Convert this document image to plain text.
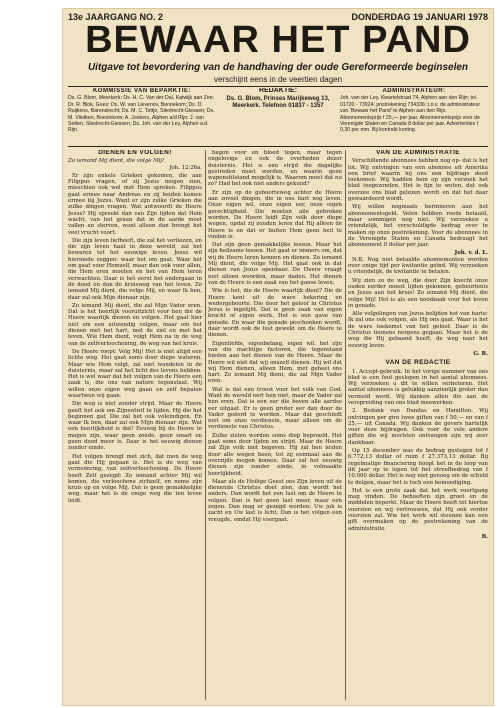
13e JAARGANG NO. 2	DONDERDAG 19 JANUARI 1978
BEWAAR HET PAND
Uitgave tot bevordering van de handhaving der oude Gereformeerde beginselen
verschijnt eens in de veertien dagen
KOMMISSIE VAN BEPARKTIE:

Ds. G. Blom, Meerkerk; Ds. H. C. Van der Dal, Katwijk aan Zee; Dr. R. Blok, Goes; Ds. W. van Lievenov, Bennekom; Ds. D. Ruijkens, Barendrecht; Ds. M. C. Tettje, Sliedrecht-Giessen; Ds. M. Vlietken, Boezinkom; A. Jonkers, Alphen a/d Rijn; J. van Setten, Sliedrecht-Giessen; Ds. Joh. van der Ley, Alphen a.d. Rijn.

REDAKTIE:

Ds. G. Blom, Prinses Marijkeweg 13,

Meerkerk. Telefoon 01837 - 1357

ADMINISTRATEUR:

Joh. van der Ley, Kwartelstraat 74, Alphen aan den Rijn; tel. 01720 - 73924; postrekening 734336; t.n.v. de administrateur van ‘Bewaar het Pand’ te Alphen aan den Rijn. Abonnementsprijs f 25,— per jaar. Abonnementsprijs voor de Verenigde Staten en Canada 8 dollar per jaar. Advertenties f 0,30 per mm. Bij kontrakt korting.

DIENEN EN VOLGEN!
Zo iemand Mij dient, die volge Mij!

Joh. 12:26a.

Er zijn enkele Grieken gekomen, die aan Filippus vragen, of zij Jezus mogen zien, misschien ook wel met Hem spreken. Filippus gaat ermee naar Andreas en zij beiden komen ermee bij Jezus. Want er zijn zulke Grieken die zulke dingen vragen. Wat antwoordt de Heere Jezus? Hij spreekt dan van Zijn lijden dat Hem wacht, van het graan dat in de aarde moet vallen en sterven, want alleen dan brengt het veel vrucht voort.

Die zijn leven liefheeft, die zal het verliezen, en die zijn leven haat in deze wereld, zal het bewaren tot het eeuwige leven. Jezus wil hiermede zeggen: waar het om gaat. Waar het om gaat voor Hemzelf, maar dan ook voor allen, die Hem eren moeten en het van Hem leren verwachten. Daar is het eerst het ondergaan in de dood en dan de kruisweg van het leven. Zo iemand Mij dient, die volge Mij, en waar Ik ben, daar zal ook Mijn dienaar zijn.

Zo iemand Mij dient, die zal Mijn Vader eren. Dat is het heerlijk vooruitzicht voor hen die de Heere waarlijk dienen en volgen. Het gaat hier niet om een uitwendig volgen, maar om het dienen met het hart, met de ziel en met het leven. Wie Hem dient, volgt Hem na in de weg van de zelfverloochening, de weg van het kruis.

De Heere roept: Volg Mij! Het is niet altijd een lichte weg. Het gaat soms door diepe wateren. Maar wie Hem volgt, zal niet wandelen in de duisternis, maar zal het licht des levens hebben. Het is wel waar dat het volgen van de Heere een zaak is, die ons van nature tegenstaat. Wij willen onze eigen weg gaan en zelf bepalen waarheen wij gaan.

Die weg is niet zonder strijd. Maar de Heere geeft het ook om Zijnentwil te lijden. Hij die het beginnen gaf, Die zal het ook voleindigen. En waar Ik ben, daar zal ook Mijn dienaar zijn. Wat een heerlijkheid is dat! Eeuwig bij de Heere te mogen zijn, waar geen zonde, geen smart en geen dood meer is. Daar is het eeuwig dienen zonder einde.

Het volgen brengt met zich, dat men de weg gaat die Hij gegaan is. Het is de weg van vernedering, van zelfverloochening. De Heere heeft Zelf gezegd: Zo iemand achter Mij wil komen, die verloochene zichzelf, en neme zijn kruis op en volge Mij. Dat is geen gemakkelijke weg, maar het is de enige weg die ten leven leidt.

begon voor en bloed tegen, maar tegen ongelovige en ook de overheden dezer duisternis. Het is een strijd die dagelijks gestreden moet worden, en waarin geen wapenstilstand mogelijk is. Waarom moet dat nu zo? Had het ook niet anders gekund?

Er zijn op de geboorteweg achter de Heere aan zoveel dingen, die in ons hart nog leven. Onze eigen wil, onze eigen eer, onze eigen gerechtigheid. Die moeten alle gebroken worden. De Heere leidt Zijn volk door diepe wegen, opdat zij zouden leren dat Hij alleen de Heere is en dat er buiten Hem geen heil te vinden is.

Dat zijn geen gemakkelijke lessen. Maar het zijn heilzame lessen. Het gaat er immers om, dat wij de Heere leren kennen en dienen. Zo iemand Mij dient, die volge Mij. Het gaat ook in dat dienen van Jezus openbaar. De Heere vraagt niet alleen woorden, maar daden. Het dienen van de Heere is een zaak van het ganse leven.

Wie is het, die de Heere waarlijk dient? Die de Heere kent uit de ware bekering en wedergeboorte. Die door het geloof in Christus Jezus is ingelijfd. Dat is geen zaak van eigen kracht of eigen werk. Het is een gave van genade. En waar die genade geschonken wordt, daar wordt ook de lust gewekt om de Heere te dienen.

Eigenliefde, eigenbelang, eigen wil, het zijn van die machtige factoren, die tegenstand bieden aan het dienen van de Heere. Maar de Heere wil niet dat wij onszelf dienen. Hij wil dat wij Hem dienen, alleen Hem, met geheel ons hart. Zo iemand Mij dient, die zal Mijn Vader eren.

Wat is dat een troost voor het volk van God. Want de wereld eert hen niet, maar de Vader zal hen eren. Dat is een eer die boven alle aardse eer uitgaat. Er is geen groter eer dan door de Vader geëerd te worden. Maar dat geschiedt niet om onze verdienste, maar alleen om de verdienste van Christus.

Zulke zielen worden soms diep beproefd. Het gaat soms door lijden en strijd. Maar de Heere zal Zijn volk niet begeven. Hij zal hen leiden door alle wegen heen, tot zij eenmaal aan de overzijde mogen komen. Daar zal het eeuwig dienen zijn zonder einde, in volmaakte heerlijkheid.

Maar als de Heilige Geest ons Zijn leven uit de dienende Christus doet zien, dan wordt het anders. Dan wordt het een lust om de Heere te volgen. Dan is het geen last meer, maar een zegen. Dan mag er gezegd worden: Uw juk is zacht en Uw last is licht. Dan is het volgen een vreugde, omdat Hij voorgaat.

VAN DE ADMINISTRATIE

Verschillende abonnees hebben nog op- dat is het lot. Wij ontvingen van een abonnee uit Amerika een brief waarin hij ons een bijdrage deed toekomen. Wij hadden hem op zijn verzoek het blad toegezonden. Het is fijn te weten, dat ook overzee ons blad gelezen wordt en dat het daar gewaardeerd wordt.

Wij willen nogmaals herinneren aan het abonnementsgeld. Velen hebben reeds betaald, maar sommigen nog niet. Wij verzoeken u vriendelijk, het verschuldigde bedrag over te maken op onze postrekening. Voor de abonnees in de Verenigde Staten en Canada bedraagt het abonnement 8 dollar per jaar.

Joh. v. d. L.

N.B. Nog niet betaalde abonnementen worden over enige tijd per kwitantie geïnd. Wij verzoeken u vriendelijk, de kwitantie te betalen.

Wij zien zo de weg, die door Zijn knecht onze ouden eerder moest lijden gekomen, gebeurtenis en Jezus aan het kruis! Zo iemand Mij dient, die volge Mij! Het is als een noodzaak voor het leven in genade.

Alle volgelingen van Jezus belijden het van harte: Ik zal ons ook volgen, als Hij ons gaat. Waar is het de ware toekomst van het geloof. Daar is de Christus tiemens nergens gegaan. Maar het is de weg die Hij gebaand heeft, de weg naar het eeuwig leven.

G. B.
VAN DE REDACTIE

1. Accept-gebruik. In het vorige nummer van ons blad is een fout geslopen in het aantal abonnees. Wij verzoeken u dit te willen verbeteren. Het aantal abonnees is gelukkig aanzienlijk groter dan vermeld werd. Wij danken allen die aan de verspreiding van ons blad meewerken.

2. Bedank van Dundas en Hamilton. Wij ontvingen per giro twee giften van f 50,— en van f 25,— uit Canada. Wij danken de gevers hartelijk voor deze bijdragen. Ook voor de vele andere giften die wij mochten ontvangen zijn wij zeer dankbaar.

Op 15 december was de bedrag gestegen tot f 6.772,13 dollar of ruim f 27.373,13 dollar. Bij regelmatige financiering hoopt het in de loop van dit jaar op te lopen tot het streefbedrag van f 10.000 dollar. Het is nog niet genoeg om de schuld te delgen, maar het is toch een bemoediging.

Het is een grote zaak dat het werk voortgang mag vinden. De behoeften zijn groot en de middelen beperkt. Maar de Heere heeft tot hiertoe voorzien en wij vertrouwen, dat Hij ook verder voorzien zal. Wie het werk wil steunen kan een gift overmaken op de postrekening van de administratie.

B.
